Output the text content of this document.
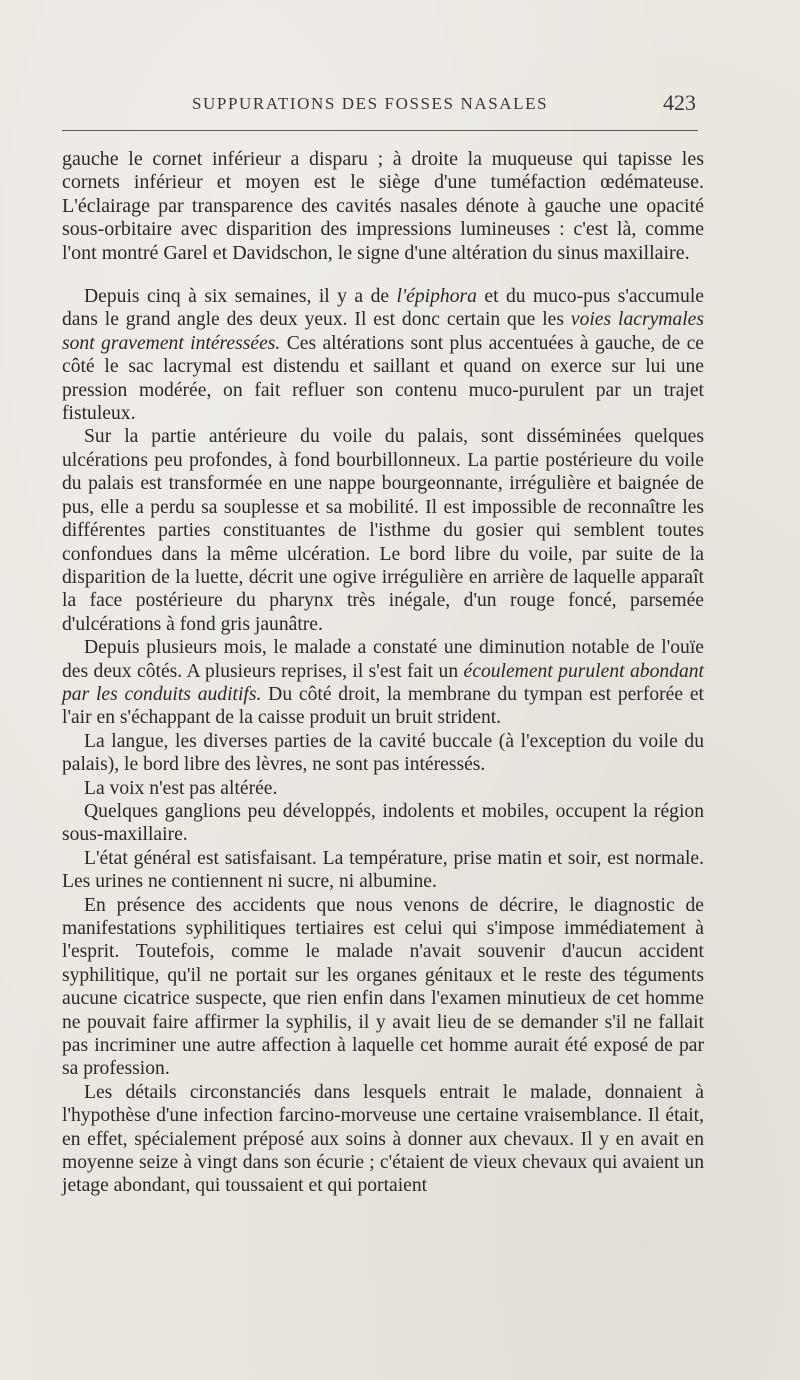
SUPPURATIONS DES FOSSES NASALES	423

gauche le cornet inférieur a disparu ; à droite la muqueuse qui tapisse les cornets inférieur et moyen est le siège d'une tuméfaction œdémateuse. L'éclairage par transparence des cavités nasales dénote à gauche une opacité sous-orbitaire avec disparition des impressions lumineuses : c'est là, comme l'ont montré Garel et Davidschon, le signe d'une altération du sinus maxillaire.

Depuis cinq à six semaines, il y a de l'épiphora et du muco-pus s'accumule dans le grand angle des deux yeux. Il est donc certain que les voies lacrymales sont gravement intéressées. Ces altérations sont plus accentuées à gauche, de ce côté le sac lacrymal est distendu et saillant et quand on exerce sur lui une pression modérée, on fait refluer son contenu muco-purulent par un trajet fistuleux.

Sur la partie antérieure du voile du palais, sont disséminées quelques ulcérations peu profondes, à fond bourbillonneux. La partie postérieure du voile du palais est transformée en une nappe bourgeonnante, irrégulière et baignée de pus, elle a perdu sa souplesse et sa mobilité. Il est impossible de reconnaître les différentes parties constituantes de l'isthme du gosier qui semblent toutes confondues dans la même ulcération. Le bord libre du voile, par suite de la disparition de la luette, décrit une ogive irrégulière en arrière de laquelle apparaît la face postérieure du pharynx très inégale, d'un rouge foncé, parsemée d'ulcérations à fond gris jaunâtre.

Depuis plusieurs mois, le malade a constaté une diminution notable de l'ouïe des deux côtés. A plusieurs reprises, il s'est fait un écoulement purulent abondant par les conduits auditifs. Du côté droit, la membrane du tympan est perforée et l'air en s'échappant de la caisse produit un bruit strident.

La langue, les diverses parties de la cavité buccale (à l'exception du voile du palais), le bord libre des lèvres, ne sont pas intéressés.

La voix n'est pas altérée.

Quelques ganglions peu développés, indolents et mobiles, occupent la région sous-maxillaire.

L'état général est satisfaisant. La température, prise matin et soir, est normale. Les urines ne contiennent ni sucre, ni albumine.

En présence des accidents que nous venons de décrire, le diagnostic de manifestations syphilitiques tertiaires est celui qui s'impose immédiatement à l'esprit. Toutefois, comme le malade n'avait souvenir d'aucun accident syphilitique, qu'il ne portait sur les organes génitaux et le reste des téguments aucune cicatrice suspecte, que rien enfin dans l'examen minutieux de cet homme ne pouvait faire affirmer la syphilis, il y avait lieu de se demander s'il ne fallait pas incriminer une autre affection à laquelle cet homme aurait été exposé de par sa profession.

Les détails circonstanciés dans lesquels entrait le malade, donnaient à l'hypothèse d'une infection farcino-morveuse une certaine vraisemblance. Il était, en effet, spécialement préposé aux soins à donner aux chevaux. Il y en avait en moyenne seize à vingt dans son écurie ; c'étaient de vieux chevaux qui avaient un jetage abondant, qui toussaient et qui portaient
